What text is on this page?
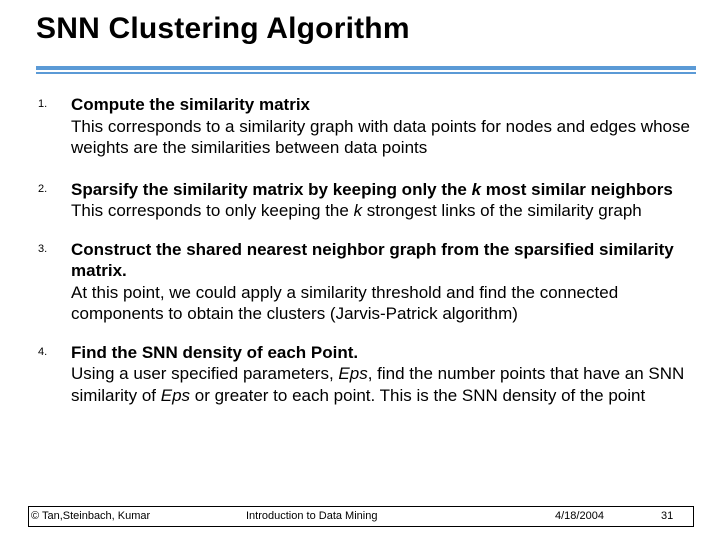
SNN Clustering Algorithm
1. Compute the similarity matrix
This corresponds to a similarity graph with data points for nodes and edges whose weights are the similarities between data points
2. Sparsify the similarity matrix by keeping only the k most similar neighbors
This corresponds to only keeping the k strongest links of the similarity graph
3. Construct the shared nearest neighbor graph from the sparsified similarity matrix.
At this point, we could apply a similarity threshold and find the connected components to obtain the clusters (Jarvis-Patrick algorithm)
4. Find the SNN density of each Point.
Using a user specified parameters, Eps, find the number points that have an SNN similarity of Eps or greater to each point. This is the SNN density of the point
© Tan,Steinbach, Kumar	Introduction to Data Mining	4/18/2004	31
